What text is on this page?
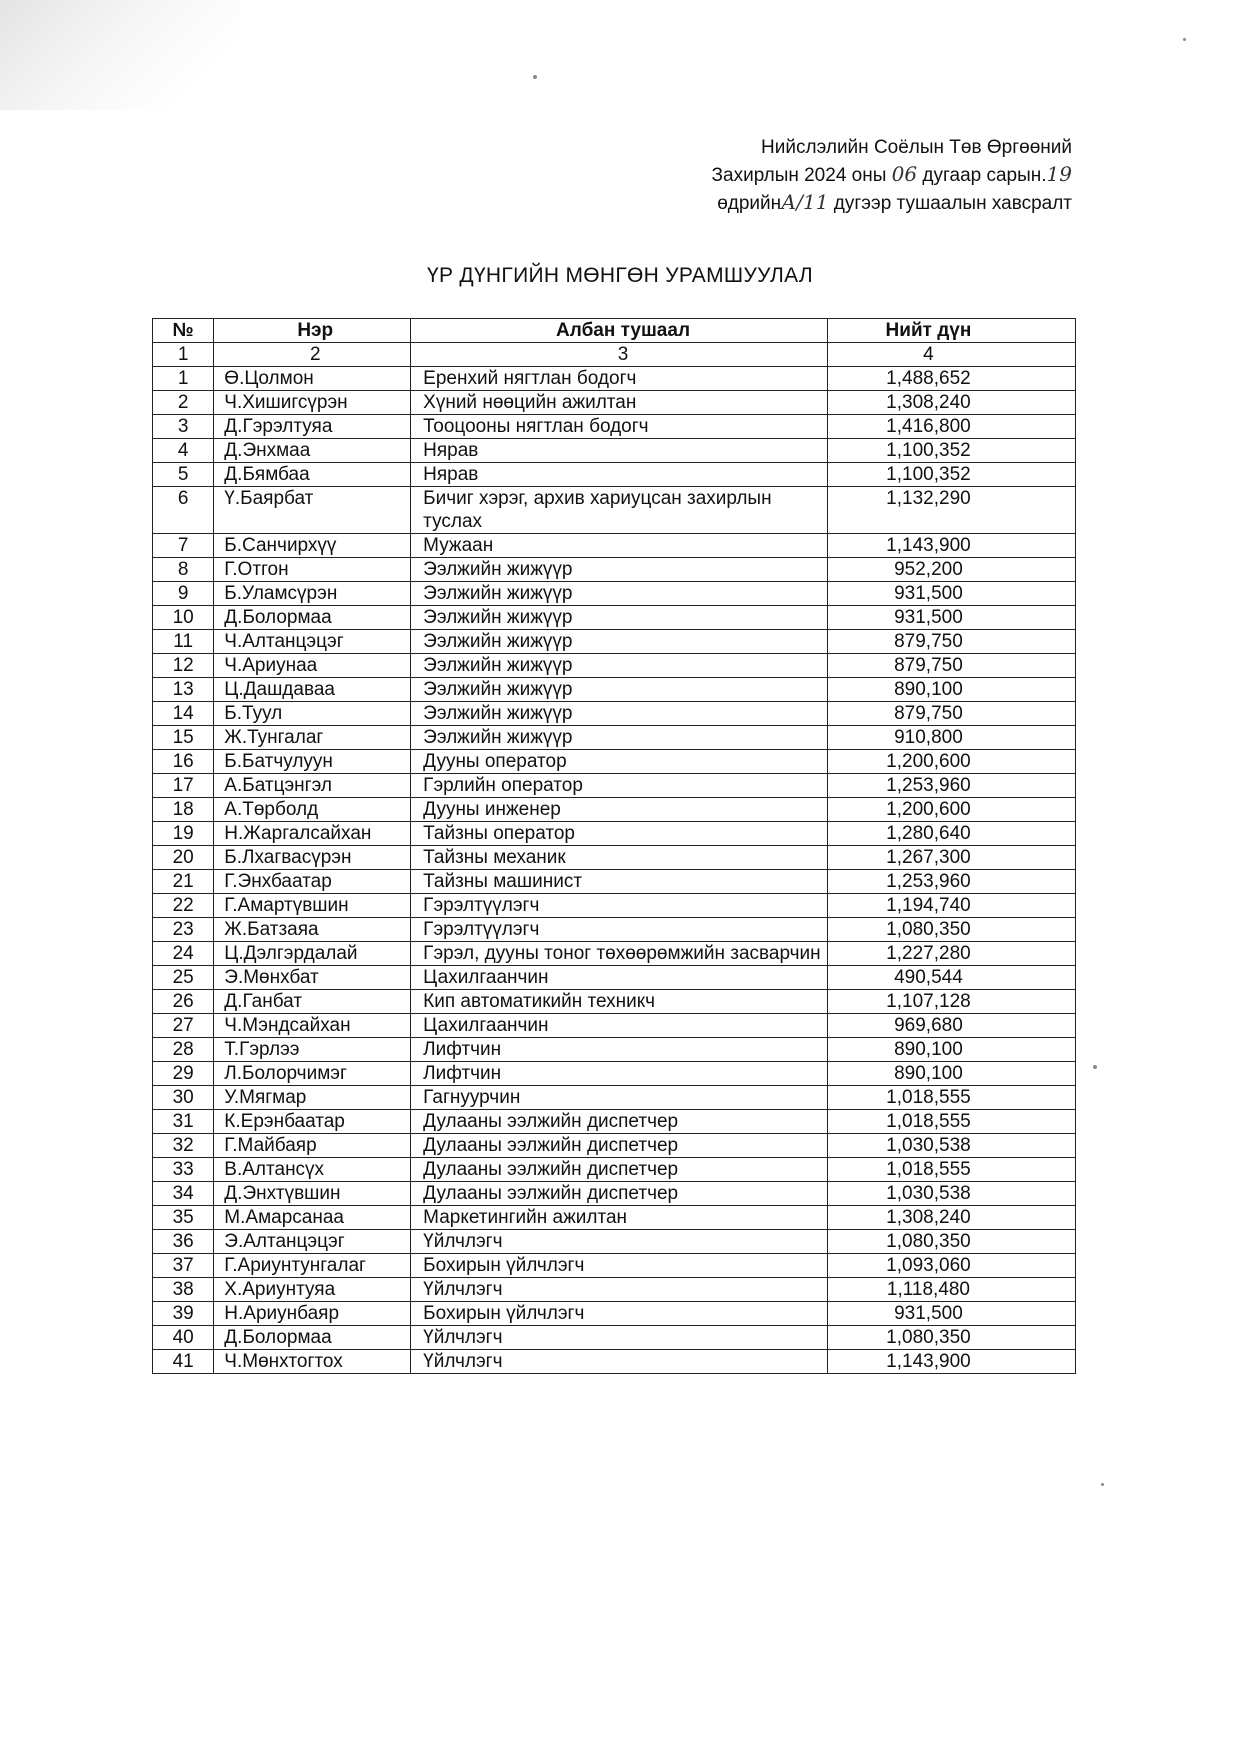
Нийслэлийн Соёлын Төв Өргөөний
Захирлын 2024 оны 06 дугаар сарын.19
өдрийнА/11 дугээр тушаалын хавсралт
ҮР ДҮНГИЙН МӨНГӨН УРАМШУУЛАЛ
№	Нэр	Албан тушаал	Нийт дүн
1	2	3	4
1	Ө.Цолмон	Еренхий нягтлан бодогч	1,488,652
2	Ч.Хишигсүрэн	Хүний нөөцийн ажилтан	1,308,240
3	Д.Гэрэлтуяа	Тооцооны нягтлан бодогч	1,416,800
4	Д.Энхмаа	Нярав	1,100,352
5	Д.Бямбаа	Нярав	1,100,352
6	Ү.Баярбат	Бичиг хэрэг, архив хариуцсан захирлын туслах	1,132,290
7	Б.Санчирхүү	Мужаан	1,143,900
8	Г.Отгон	Ээлжийн жижүүр	952,200
9	Б.Уламсүрэн	Ээлжийн жижүүр	931,500
10	Д.Болормаа	Ээлжийн жижүүр	931,500
11	Ч.Алтанцэцэг	Ээлжийн жижүүр	879,750
12	Ч.Ариунаа	Ээлжийн жижүүр	879,750
13	Ц.Дашдаваа	Ээлжийн жижүүр	890,100
14	Б.Туул	Ээлжийн жижүүр	879,750
15	Ж.Тунгалаг	Ээлжийн жижүүр	910,800
16	Б.Батчулуун	Дууны оператор	1,200,600
17	А.Батцэнгэл	Гэрлийн оператор	1,253,960
18	А.Төрболд	Дууны инженер	1,200,600
19	Н.Жаргалсайхан	Тайзны оператор	1,280,640
20	Б.Лхагвасүрэн	Тайзны механик	1,267,300
21	Г.Энхбаатар	Тайзны машинист	1,253,960
22	Г.Амартүвшин	Гэрэлтүүлэгч	1,194,740
23	Ж.Батзаяа	Гэрэлтүүлэгч	1,080,350
24	Ц.Дэлгэрдалай	Гэрэл, дууны тоног төхөөрөмжийн засварчин	1,227,280
25	Э.Мөнхбат	Цахилгаанчин	490,544
26	Д.Ганбат	Кип автоматикийн техникч	1,107,128
27	Ч.Мэндсайхан	Цахилгаанчин	969,680
28	Т.Гэрлээ	Лифтчин	890,100
29	Л.Болорчимэг	Лифтчин	890,100
30	У.Мягмар	Гагнуурчин	1,018,555
31	К.Ерэнбаатар	Дулааны ээлжийн диспетчер	1,018,555
32	Г.Майбаяр	Дулааны ээлжийн диспетчер	1,030,538
33	В.Алтансүх	Дулааны ээлжийн диспетчер	1,018,555
34	Д.Энхтүвшин	Дулааны ээлжийн диспетчер	1,030,538
35	М.Амарсанаа	Маркетингийн ажилтан	1,308,240
36	Э.Алтанцэцэг	Үйлчлэгч	1,080,350
37	Г.Ариунтунгалаг	Бохирын үйлчлэгч	1,093,060
38	Х.Ариунтуяа	Үйлчлэгч	1,118,480
39	Н.Ариунбаяр	Бохирын үйлчлэгч	931,500
40	Д.Болормаа	Үйлчлэгч	1,080,350
41	Ч.Мөнхтогтох	Үйлчлэгч	1,143,900
